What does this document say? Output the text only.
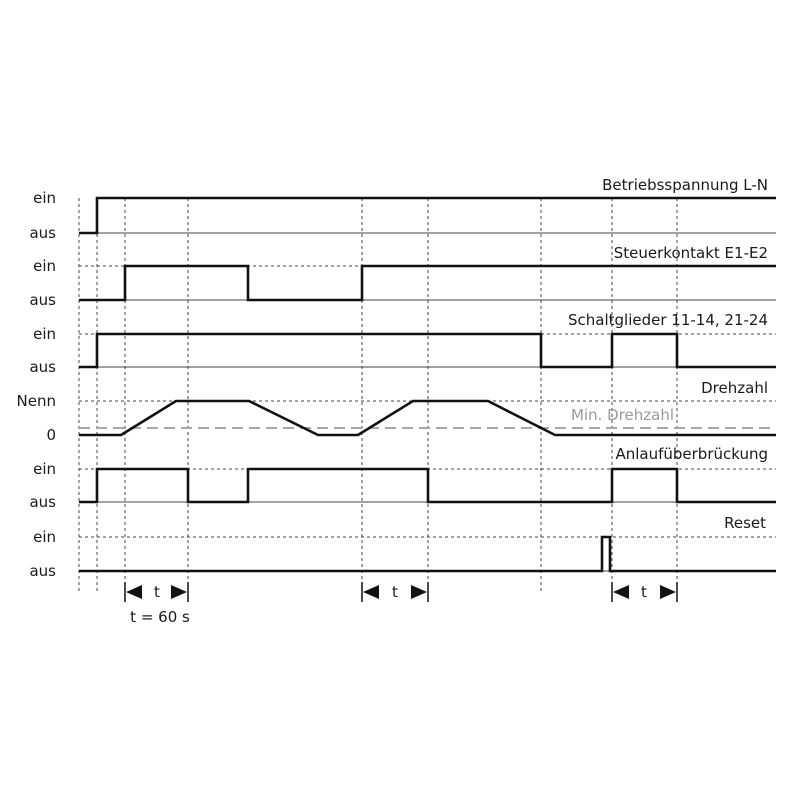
ein
aus
ein
aus
ein
aus
Nenn
0
ein
aus
ein
aus
Betriebsspannung L-N
Steuerkontakt E1-E2
Schaltglieder 11-14, 21-24
Drehzahl
Min. Drehzahl
Anlaufüberbrückung
Reset
t	t	t
t = 60 s
